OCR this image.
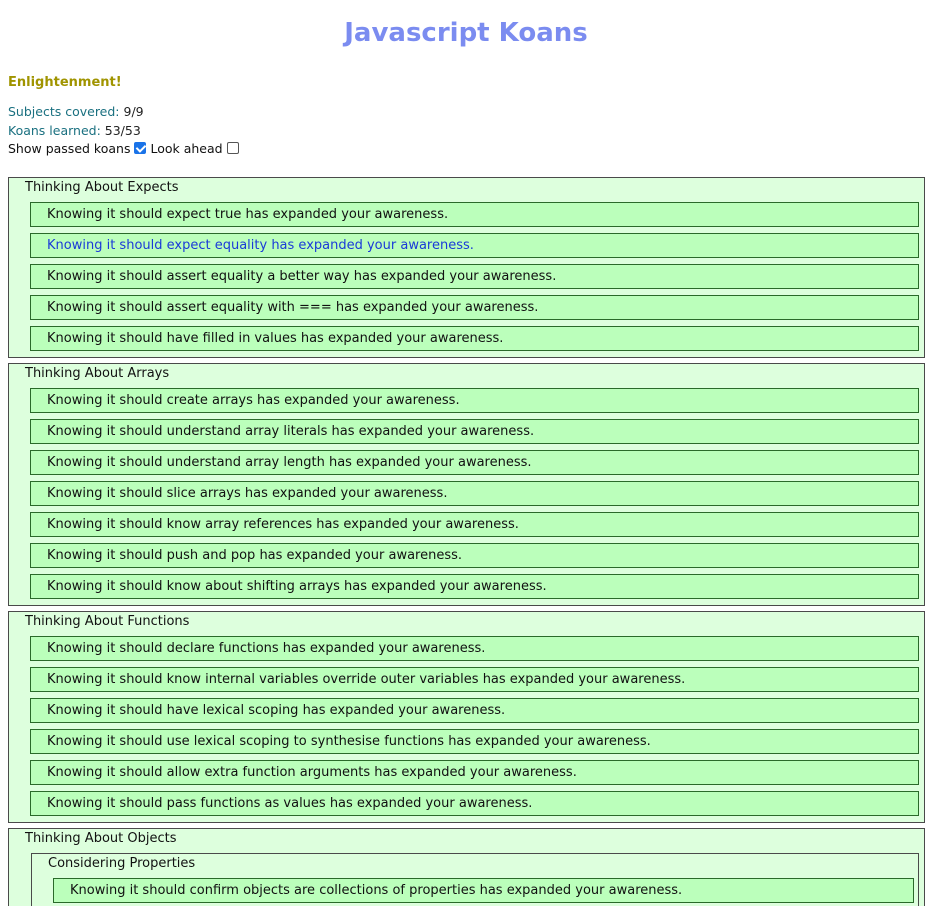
Javascript Koans
Enlightenment!
Subjects covered: 9/9
Koans learned: 53/53
Show passed koans Look ahead
Thinking About Expects
Knowing it should expect true has expanded your awareness.
Knowing it should expect equality has expanded your awareness.
Knowing it should assert equality a better way has expanded your awareness.
Knowing it should assert equality with === has expanded your awareness.
Knowing it should have filled in values has expanded your awareness.
Thinking About Arrays
Knowing it should create arrays has expanded your awareness.
Knowing it should understand array literals has expanded your awareness.
Knowing it should understand array length has expanded your awareness.
Knowing it should slice arrays has expanded your awareness.
Knowing it should know array references has expanded your awareness.
Knowing it should push and pop has expanded your awareness.
Knowing it should know about shifting arrays has expanded your awareness.
Thinking About Functions
Knowing it should declare functions has expanded your awareness.
Knowing it should know internal variables override outer variables has expanded your awareness.
Knowing it should have lexical scoping has expanded your awareness.
Knowing it should use lexical scoping to synthesise functions has expanded your awareness.
Knowing it should allow extra function arguments has expanded your awareness.
Knowing it should pass functions as values has expanded your awareness.
Thinking About Objects
Considering Properties
Knowing it should confirm objects are collections of properties has expanded your awareness.
